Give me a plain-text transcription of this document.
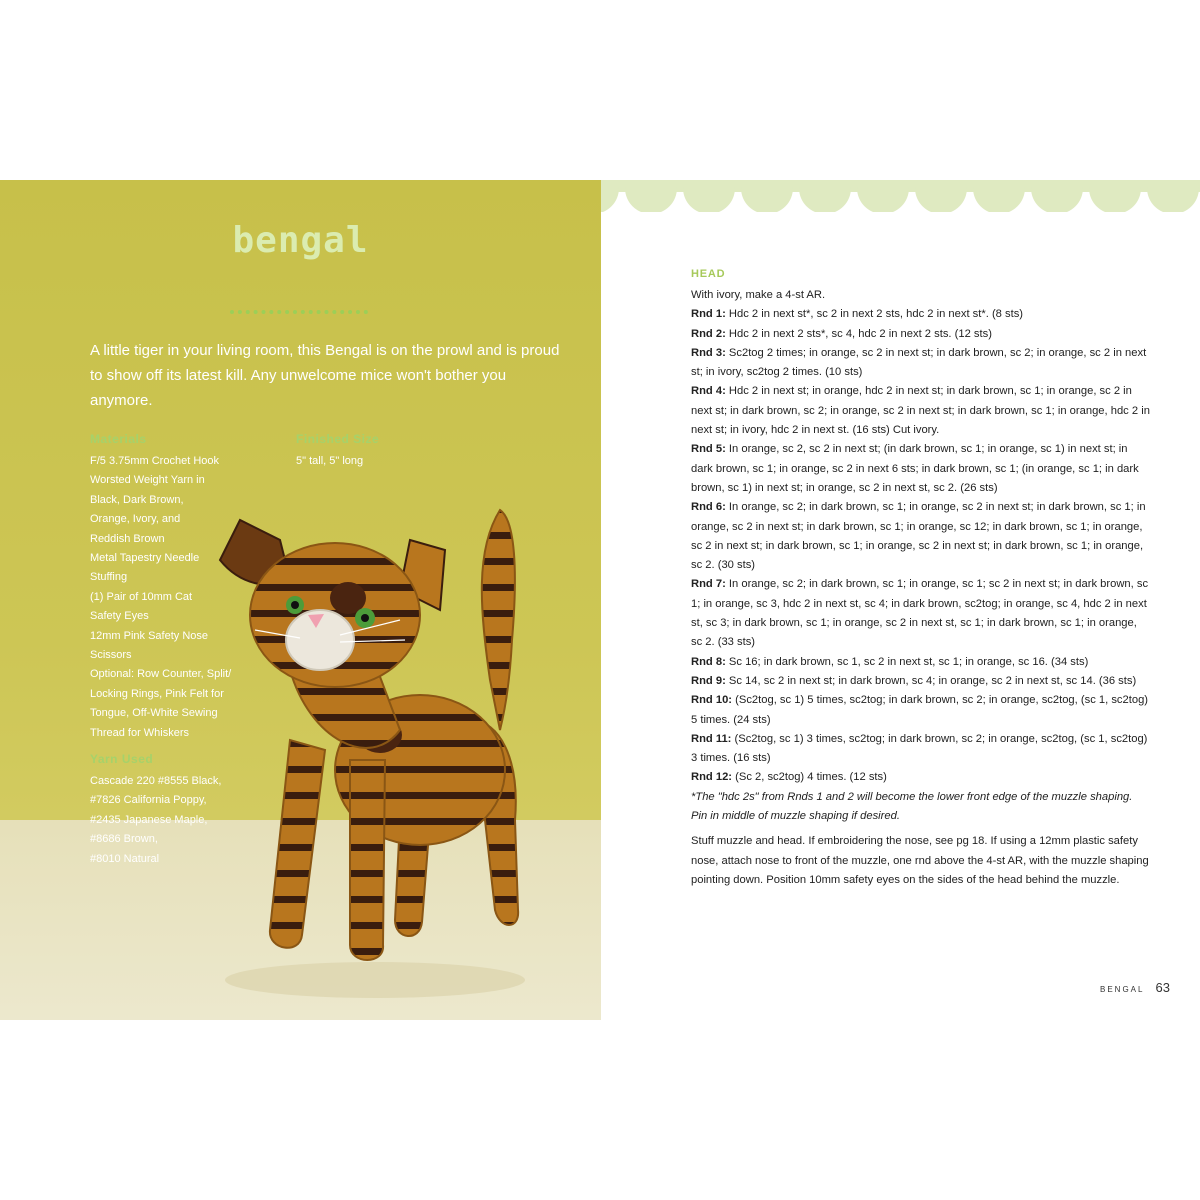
bengal

A little tiger in your living room, this Bengal is on the prowl and is proud to show off its latest kill. Any unwelcome mice won't bother you anymore.

Materials
F/5 3.75mm Crochet Hook
Worsted Weight Yarn in
Black, Dark Brown,
Orange, Ivory, and
Reddish Brown
Metal Tapestry Needle
Stuffing
(1) Pair of 10mm Cat
Safety Eyes
12mm Pink Safety Nose
Scissors
Optional: Row Counter, Split/
Locking Rings, Pink Felt for
Tongue, Off-White Sewing
Thread for Whiskers
Finished Size
5" tall, 5" long
Yarn Used
Cascade 220 #8555 Black,
#7826 California Poppy,
#2435 Japanese Maple,
#8686 Brown,
#8010 Natural
HEAD

With ivory, make a 4-st AR.

Rnd 1: Hdc 2 in next st*, sc 2 in next 2 sts, hdc 2 in next st*. (8 sts)

Rnd 2: Hdc 2 in next 2 sts*, sc 4, hdc 2 in next 2 sts. (12 sts)

Rnd 3: Sc2tog 2 times; in orange, sc 2 in next st; in dark brown, sc 2; in orange, sc 2 in next st; in ivory, sc2tog 2 times. (10 sts)

Rnd 4: Hdc 2 in next st; in orange, hdc 2 in next st; in dark brown, sc 1; in orange, sc 2 in next st; in dark brown, sc 2; in orange, sc 2 in next st; in dark brown, sc 1; in orange, hdc 2 in next st; in ivory, hdc 2 in next st. (16 sts) Cut ivory.

Rnd 5: In orange, sc 2, sc 2 in next st; (in dark brown, sc 1; in orange, sc 1) in next st; in dark brown, sc 1; in orange, sc 2 in next 6 sts; in dark brown, sc 1; (in orange, sc 1; in dark brown, sc 1) in next st; in orange, sc 2 in next st, sc 2. (26 sts)

Rnd 6: In orange, sc 2; in dark brown, sc 1; in orange, sc 2 in next st; in dark brown, sc 1; in orange, sc 2 in next st; in dark brown, sc 1; in orange, sc 12; in dark brown, sc 1; in orange, sc 2 in next st; in dark brown, sc 1; in orange, sc 2 in next st; in dark brown, sc 1; in orange, sc 2. (30 sts)

Rnd 7: In orange, sc 2; in dark brown, sc 1; in orange, sc 1; sc 2 in next st; in dark brown, sc 1; in orange, sc 3, hdc 2 in next st, sc 4; in dark brown, sc2tog; in orange, sc 4, hdc 2 in next st, sc 3; in dark brown, sc 1; in orange, sc 2 in next st, sc 1; in dark brown, sc 1; in orange, sc 2. (33 sts)

Rnd 8: Sc 16; in dark brown, sc 1, sc 2 in next st, sc 1; in orange, sc 16. (34 sts)

Rnd 9: Sc 14, sc 2 in next st; in dark brown, sc 4; in orange, sc 2 in next st, sc 14. (36 sts)

Rnd 10: (Sc2tog, sc 1) 5 times, sc2tog; in dark brown, sc 2; in orange, sc2tog, (sc 1, sc2tog) 5 times. (24 sts)

Rnd 11: (Sc2tog, sc 1) 3 times, sc2tog; in dark brown, sc 2; in orange, sc2tog, (sc 1, sc2tog) 3 times. (16 sts)

Rnd 12: (Sc 2, sc2tog) 4 times. (12 sts)

*The "hdc 2s" from Rnds 1 and 2 will become the lower front edge of the muzzle shaping. Pin in middle of muzzle shaping if desired.

Stuff muzzle and head. If embroidering the nose, see pg 18. If using a 12mm plastic safety nose, attach nose to front of the muzzle, one rnd above the 4-st AR, with the muzzle shaping pointing down. Position 10mm safety eyes on the sides of the head behind the muzzle.

BENGAL 63
